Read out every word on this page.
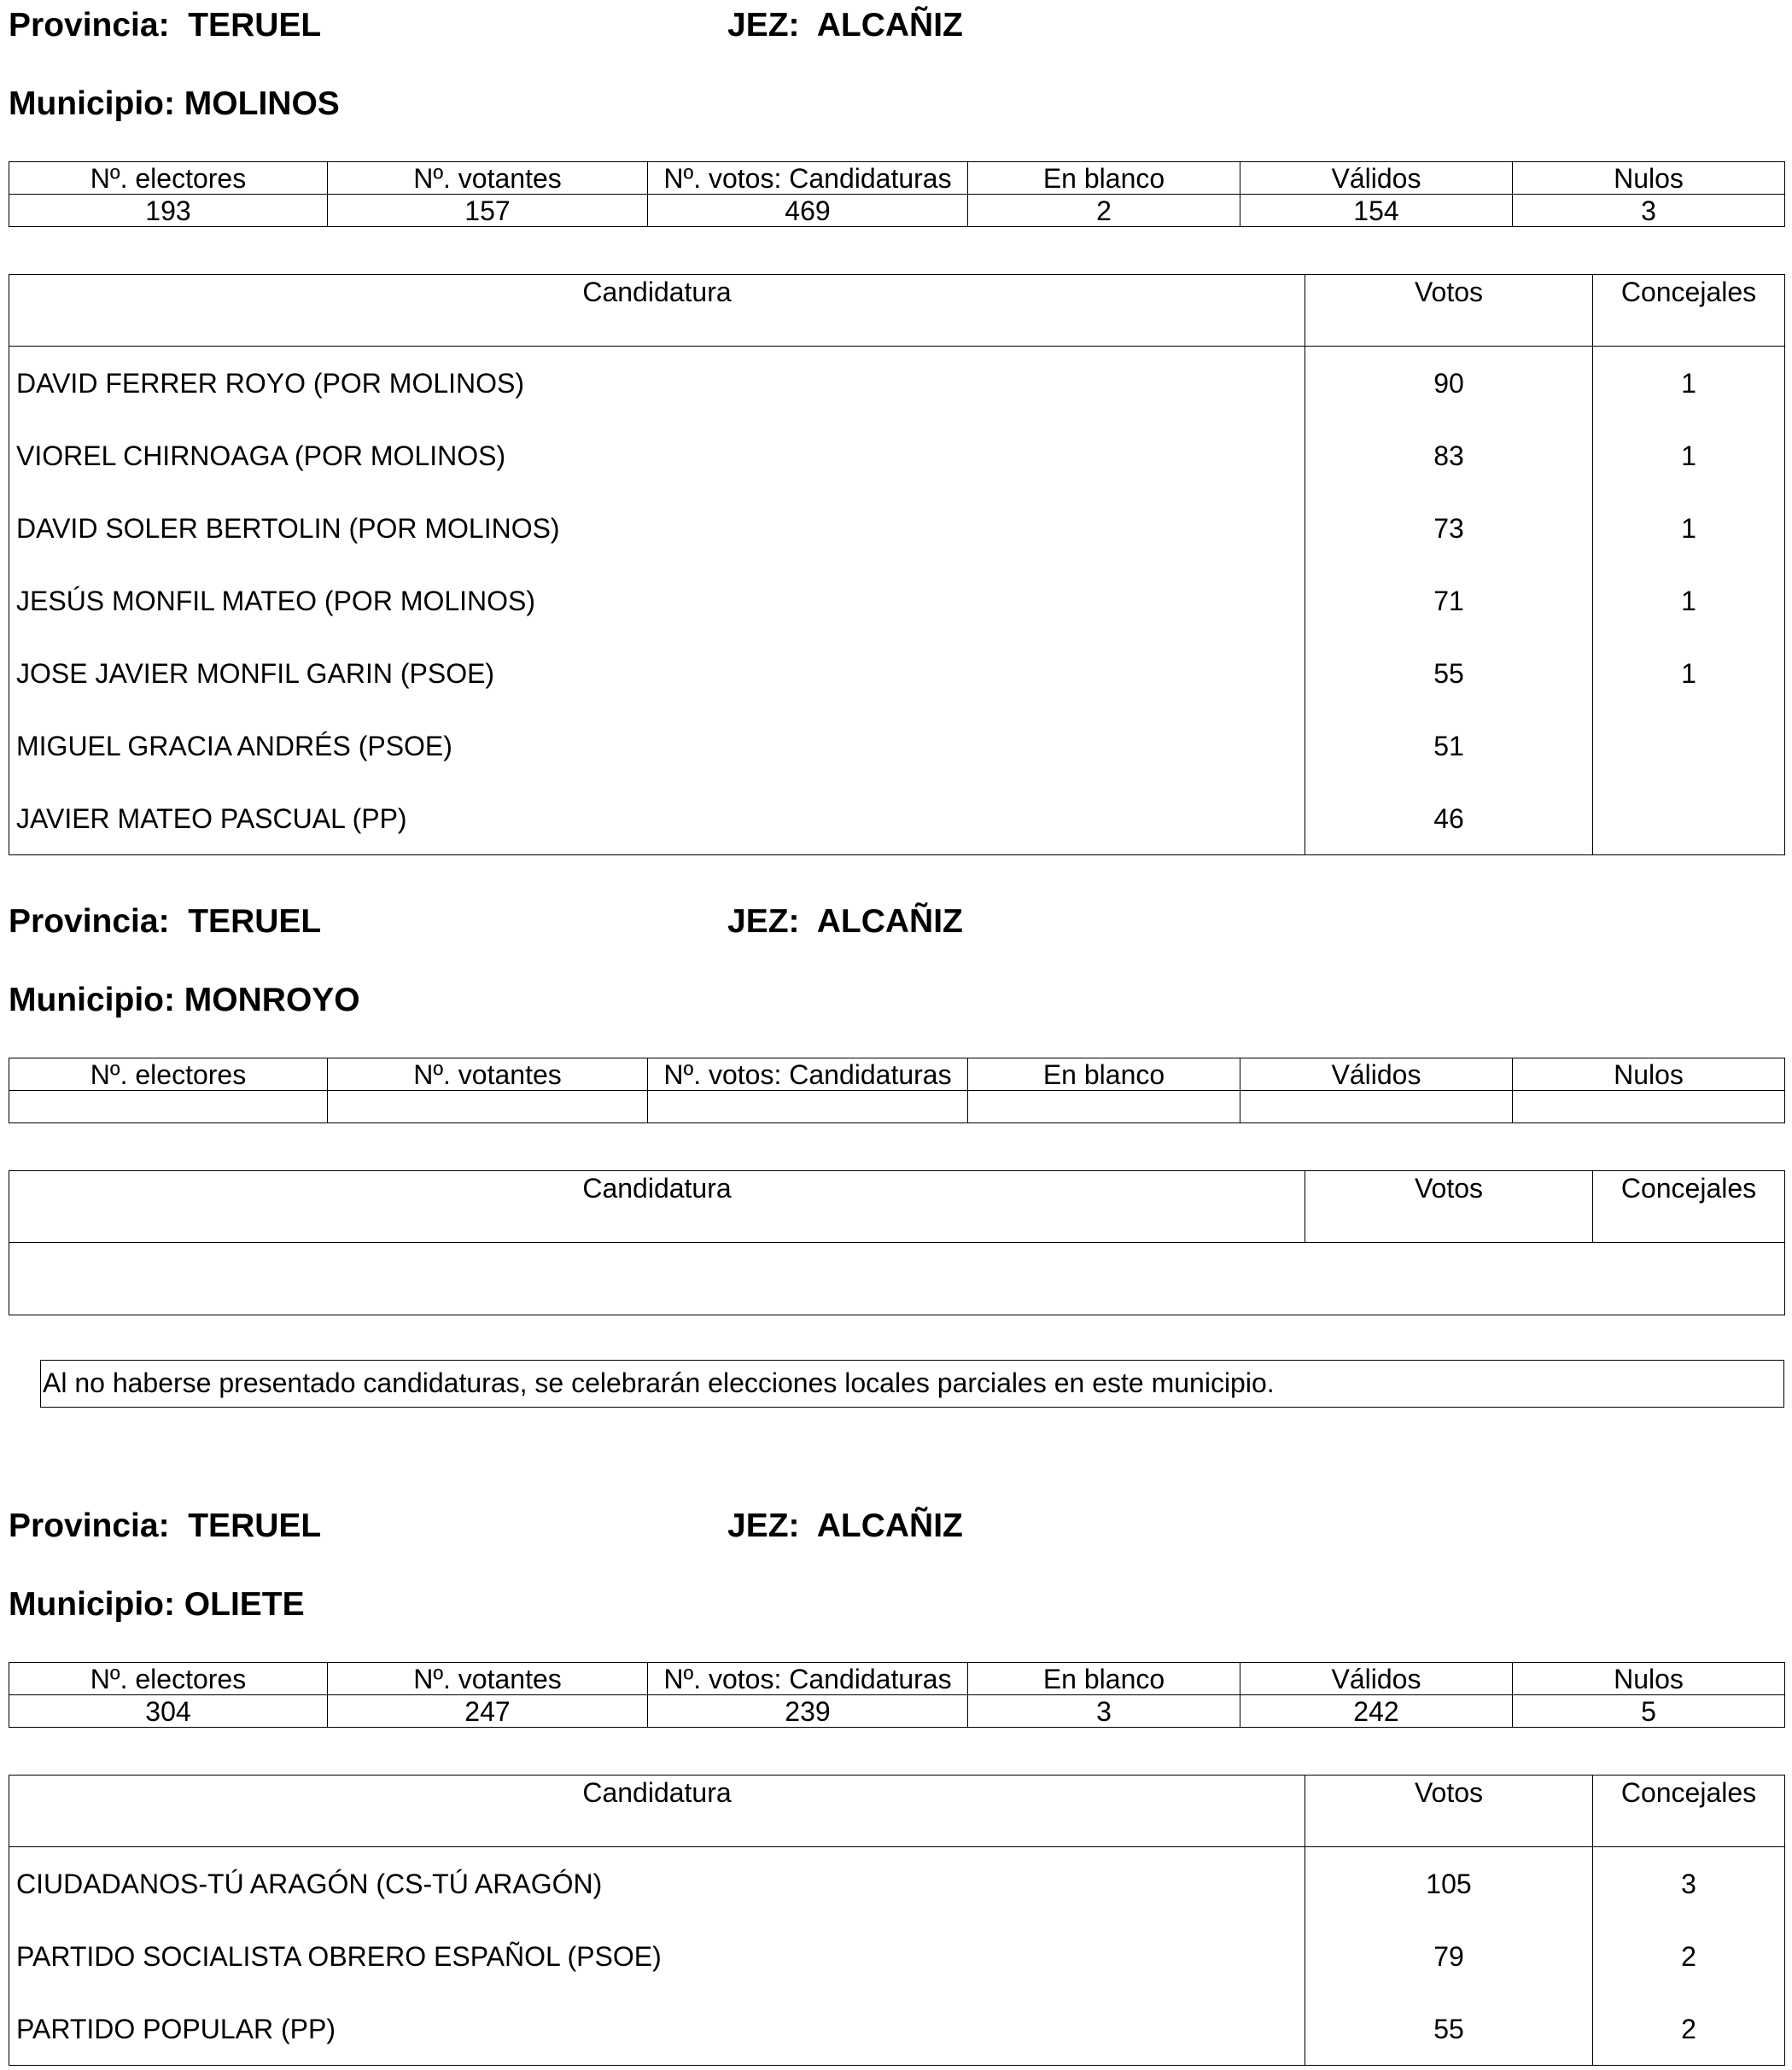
Provincia:  TERUEL	JEZ:  ALCAÑIZ
Municipio: MOLINOS
Nº. electores	Nº. votantes	Nº. votos: Candidaturas	En blanco	Válidos	Nulos
193	157	469	2	154	3
Candidatura	Votos	Concejales
DAVID FERRER ROYO (POR MOLINOS)	90	1
VIOREL CHIRNOAGA (POR MOLINOS)	83	1
DAVID SOLER BERTOLIN (POR MOLINOS)	73	1
JESÚS MONFIL MATEO (POR MOLINOS)	71	1
JOSE JAVIER MONFIL GARIN (PSOE)	55	1
MIGUEL GRACIA ANDRÉS (PSOE)	51	
JAVIER MATEO PASCUAL (PP)	46	
Provincia:  TERUEL	JEZ:  ALCAÑIZ
Municipio: MONROYO
Nº. electores	Nº. votantes	Nº. votos: Candidaturas	En blanco	Válidos	Nulos

Candidatura	Votos	Concejales

Al no haberse presentado candidaturas, se celebrarán elecciones locales parciales en este municipio.
Provincia:  TERUEL	JEZ:  ALCAÑIZ
Municipio: OLIETE
Nº. electores	Nº. votantes	Nº. votos: Candidaturas	En blanco	Válidos	Nulos
304	247	239	3	242	5
Candidatura	Votos	Concejales
CIUDADANOS-TÚ ARAGÓN (CS-TÚ ARAGÓN)	105	3
PARTIDO SOCIALISTA OBRERO ESPAÑOL (PSOE)	79	2
PARTIDO POPULAR (PP)	55	2
